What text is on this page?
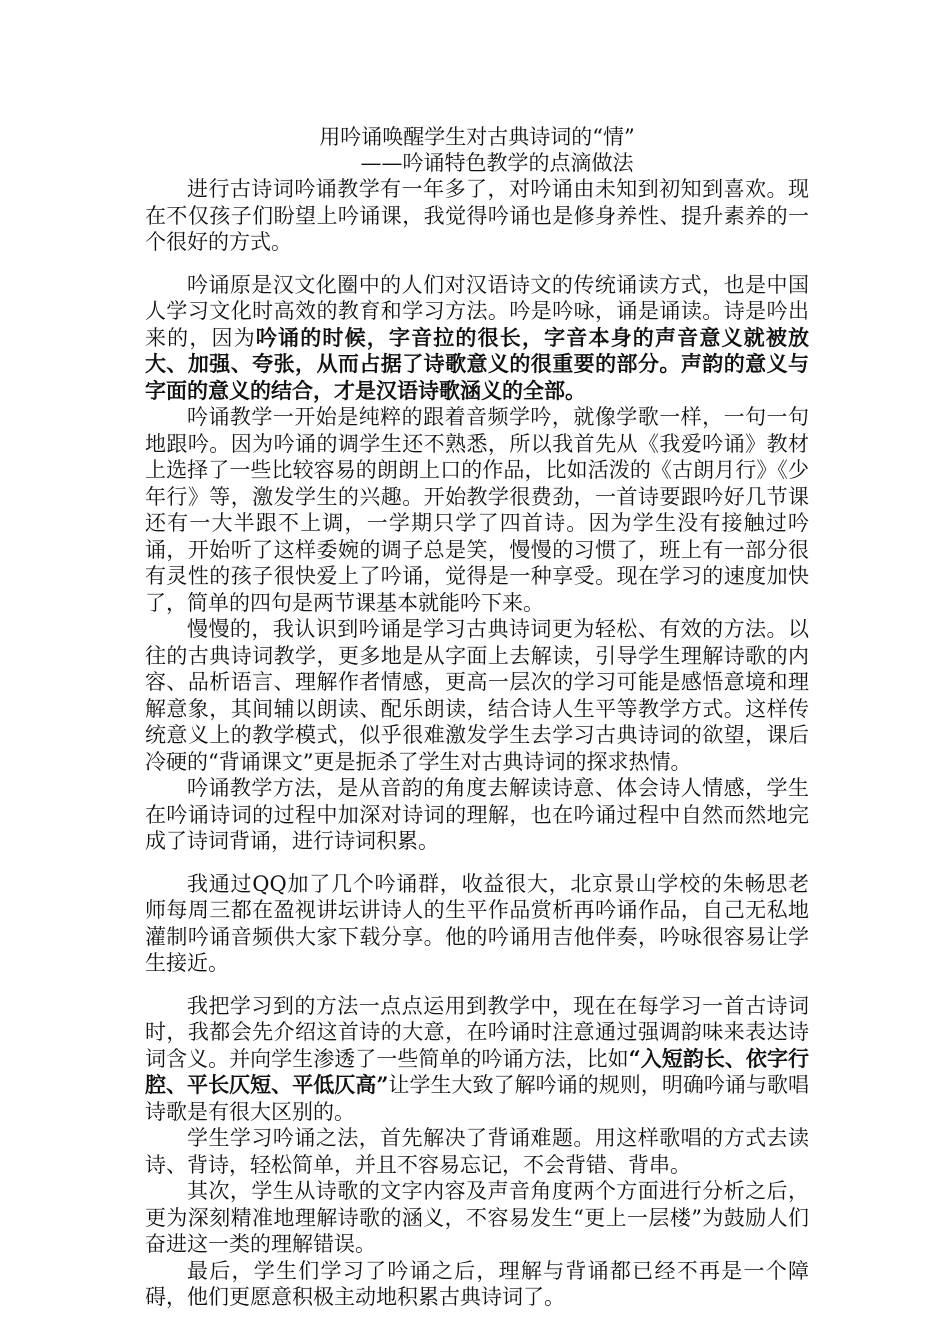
用吟诵唤醒学生对古典诗词的“情”
——吟诵特色教学的点滴做法

进行古诗词吟诵教学有一年多了，对吟诵由未知到初知到喜欢。现在不仅孩子们盼望上吟诵课，我觉得吟诵也是修身养性、提升素养的一个很好的方式。

吟诵原是汉文化圈中的人们对汉语诗文的传统诵读方式，也是中国人学习文化时高效的教育和学习方法。吟是吟咏，诵是诵读。诗是吟出来的，因为吟诵的时候，字音拉的很长，字音本身的声音意义就被放大、加强、夸张，从而占据了诗歌意义的很重要的部分。声韵的意义与字面的意义的结合，才是汉语诗歌涵义的全部。

吟诵教学一开始是纯粹的跟着音频学吟，就像学歌一样，一句一句地跟吟。因为吟诵的调学生还不熟悉，所以我首先从《我爱吟诵》教材上选择了一些比较容易的朗朗上口的作品，比如活泼的《古朗月行》《少年行》等，激发学生的兴趣。开始教学很费劲，一首诗要跟吟好几节课还有一大半跟不上调，一学期只学了四首诗。因为学生没有接触过吟诵，开始听了这样委婉的调子总是笑，慢慢的习惯了，班上有一部分很有灵性的孩子很快爱上了吟诵，觉得是一种享受。现在学习的速度加快了，简单的四句是两节课基本就能吟下来。

慢慢的，我认识到吟诵是学习古典诗词更为轻松、有效的方法。以往的古典诗词教学，更多地是从字面上去解读，引导学生理解诗歌的内容、品析语言、理解作者情感，更高一层次的学习可能是感悟意境和理解意象，其间辅以朗读、配乐朗读，结合诗人生平等教学方式。这样传统意义上的教学模式，似乎很难激发学生去学习古典诗词的欲望，课后冷硬的“背诵课文”更是扼杀了学生对古典诗词的探求热情。

吟诵教学方法，是从音韵的角度去解读诗意、体会诗人情感，学生在吟诵诗词的过程中加深对诗词的理解，也在吟诵过程中自然而然地完成了诗词背诵，进行诗词积累。

我通过QQ加了几个吟诵群，收益很大，北京景山学校的朱畅思老师每周三都在盈视讲坛讲诗人的生平作品赏析再吟诵作品，自己无私地灌制吟诵音频供大家下载分享。他的吟诵用吉他伴奏，吟咏很容易让学生接近。

我把学习到的方法一点点运用到教学中，现在在每学习一首古诗词时，我都会先介绍这首诗的大意，在吟诵时注意通过强调韵味来表达诗词含义。并向学生渗透了一些简单的吟诵方法，比如“入短韵长、依字行腔、平长仄短、平低仄高”让学生大致了解吟诵的规则，明确吟诵与歌唱诗歌是有很大区别的。

学生学习吟诵之法，首先解决了背诵难题。用这样歌唱的方式去读诗、背诗，轻松简单，并且不容易忘记，不会背错、背串。

其次，学生从诗歌的文字内容及声音角度两个方面进行分析之后，更为深刻精准地理解诗歌的涵义，不容易发生“更上一层楼”为鼓励人们奋进这一类的理解错误。

最后，学生们学习了吟诵之后，理解与背诵都已经不再是一个障碍，他们更愿意积极主动地积累古典诗词了。
